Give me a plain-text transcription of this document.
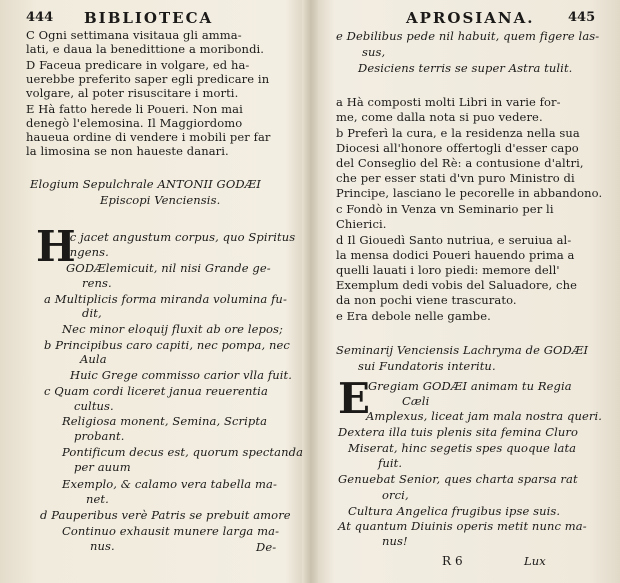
444 BIBLIOTECA
C Ogni settimana visitaua gli amma-
lati, e daua la benedittione a moribondi.
D Faceua predicare in volgare, ed ha-
uerebbe preferito saper egli predicare in
volgare, al poter risuscitare i morti.
E Hà fatto herede li Poueri. Non mai
denegò l'elemosina. Il Maggiordomo
haueua ordine di vendere i mobili per far
la limosina se non haueste danari.
Elogium Sepulchrale ANTONII GODÆI
Episcopi Venciensis.
H
ic jacet angustum corpus, quo Spiritus
ingens.
GODÆlemicuit, nil nisi Grande ge-
rens.
a Multiplicis forma miranda volumina fu-
dit,
Nec minor eloquij fluxit ab ore lepos;
b Principibus caro capiti, nec pompa, nec
Aula
Huic Grege commisso carior vlla fuit.
c Quam cordi liceret janua reuerentia
cultus.
Religiosa monent, Semina, Scripta
probant.
Pontificum decus est, quorum spectanda
per auum
Exemplo, & calamo vera tabella ma-
net.
d Pauperibus verè Patris se prebuit amore
Continuo exhausit munere larga ma-
nus.	De-
APROSIANA.	445
e Debilibus pede nil habuit, quem figere las-
sus,
Desiciens terris se super Astra tulit.
a Hà composti molti Libri in varie for-
me, come dalla nota si puo vedere.
b Preferì la cura, e la residenza nella sua
Diocesi all'honore offertogli d'esser capo
del Conseglio del Rè: a contusione d'altri,
che per esser stati d'vn puro Ministro di
Principe, lasciano le pecorelle in abbandono.
c Fondò in Venza vn Seminario per li
Chierici.
d Il Giouedì Santo nutriua, e seruiua al-
la mensa dodici Poueri hauendo prima a
quelli lauati i loro piedi: memore dell'
Exemplum dedi vobis del Saluadore, che
da non pochi viene trascurato.
e Era debole nelle gambe.
Seminarij Venciensis Lachryma de GODÆI
sui Fundatoris interitu.
E
Gregiam GODÆI animam tu Regia
Cæli
Amplexus, liceat jam mala nostra queri.
Dextera illa tuis plenis sita femina Cluro
Miserat, hinc segetis spes quoque lata
fuit.
Genuebat Senior, ques charta sparsa rat
orci,
Cultura Angelica frugibus ipse suis.
At quantum Diuinis operis metit nunc ma-
nus!
R 6	Lux
